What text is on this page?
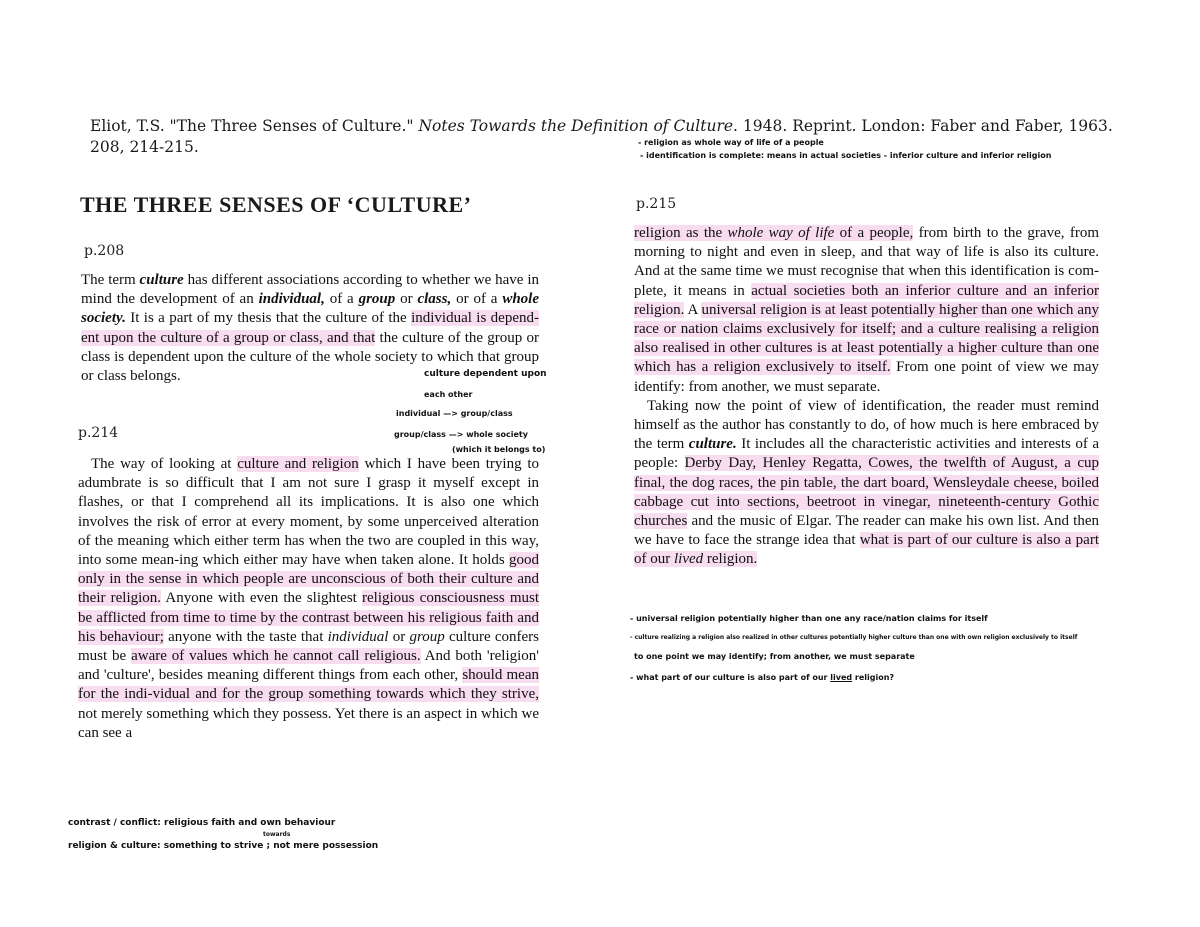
Eliot, T.S. "The Three Senses of Culture." Notes Towards the Definition of Culture. 1948. Reprint. London: Faber and Faber, 1963. 208, 214-215.	- religion as whole way of life of a people
- identification is complete: means in actual societies - inferior culture and inferior religion
THE THREE SENSES OF ‘CULTURE’
p.208

The term culture has different associations according to whether we have in mind the development of an individual, of a group or class, or of a whole society. It is a part of my thesis that the culture of the individual is depend-ent upon the culture of a group or class, and that the culture of the group or class is dependent upon the culture of the whole society to which that group or class belongs.	culture dependent upon
each other
individual —> group/class
group/class —> whole society
(which it belongs to)
p.214

The way of looking at culture and religion which I have been trying to adumbrate is so difficult that I am not sure I grasp it myself except in flashes, or that I comprehend all its implications. It is also one which involves the risk of error at every moment, by some unperceived alteration of the meaning which either term has when the two are coupled in this way, into some mean-ing which either may have when taken alone. It holds good only in the sense in which people are unconscious of both their culture and their religion. Anyone with even the slightest religious consciousness must be afflicted from time to time by the contrast between his religious faith and his behaviour; anyone with the taste that individual or group culture confers must be aware of values which he cannot call religious. And both 'religion' and 'culture', besides meaning different things from each other, should mean for the indi-vidual and for the group something towards which they strive, not merely something which they possess. Yet there is an aspect in which we can see a

contrast / conflict: religious faith and own behaviour
towards
religion & culture: something to strive ; not mere possession
p.215

religion as the whole way of life of a people, from birth to the grave, from morning to night and even in sleep, and that way of life is also its culture. And at the same time we must recognise that when this identification is com-plete, it means in actual societies both an inferior culture and an inferior religion. A universal religion is at least potentially higher than one which any race or nation claims exclusively for itself; and a culture realising a religion also realised in other cultures is at least potentially a higher culture than one which has a religion exclusively to itself. From one point of view we may identify: from another, we must separate.

Taking now the point of view of identification, the reader must remind himself as the author has constantly to do, of how much is here embraced by the term culture. It includes all the characteristic activities and interests of a people: Derby Day, Henley Regatta, Cowes, the twelfth of August, a cup final, the dog races, the pin table, the dart board, Wensleydale cheese, boiled cabbage cut into sections, beetroot in vinegar, nineteenth-century Gothic churches and the music of Elgar. The reader can make his own list. And then we have to face the strange idea that what is part of our culture is also a part of our lived religion.

- universal religion potentially higher than one any race/nation claims for itself
- culture realizing a religion also realized in other cultures potentially higher culture than one with own religion exclusively to itself
to one point we may identify; from another, we must separate
- what part of our culture is also part of our lived religion?
